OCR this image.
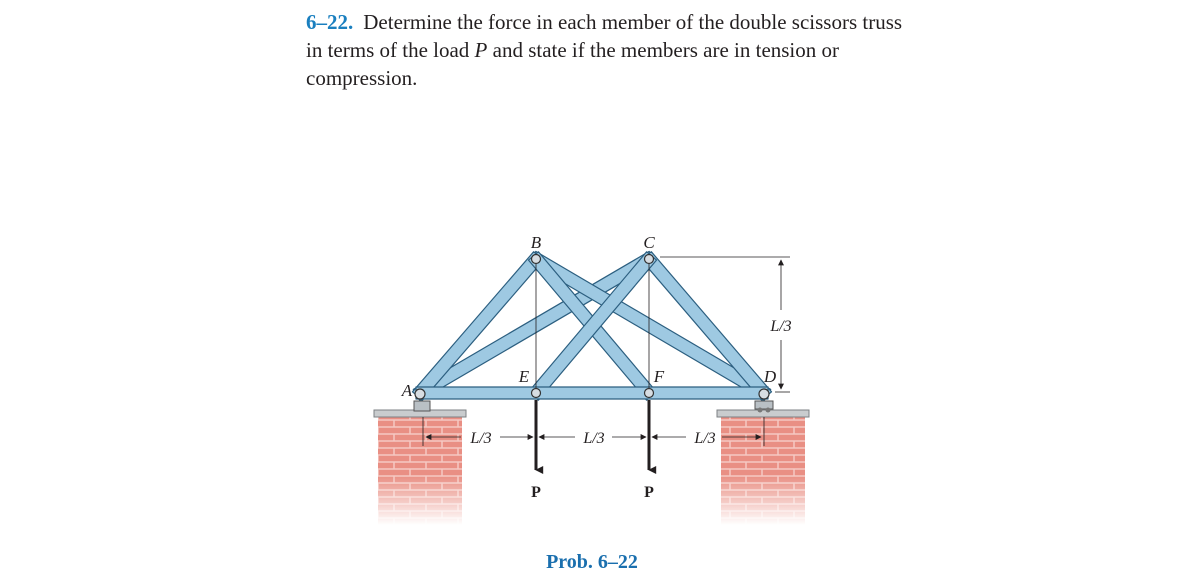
6–22. Determine the force in each member of the double scissors truss in terms of the load P and state if the members are in tension or compression.
P	P
L/3	L/3	L/3
L/3
B	C
A
D
E	F
Prob. 6–22
